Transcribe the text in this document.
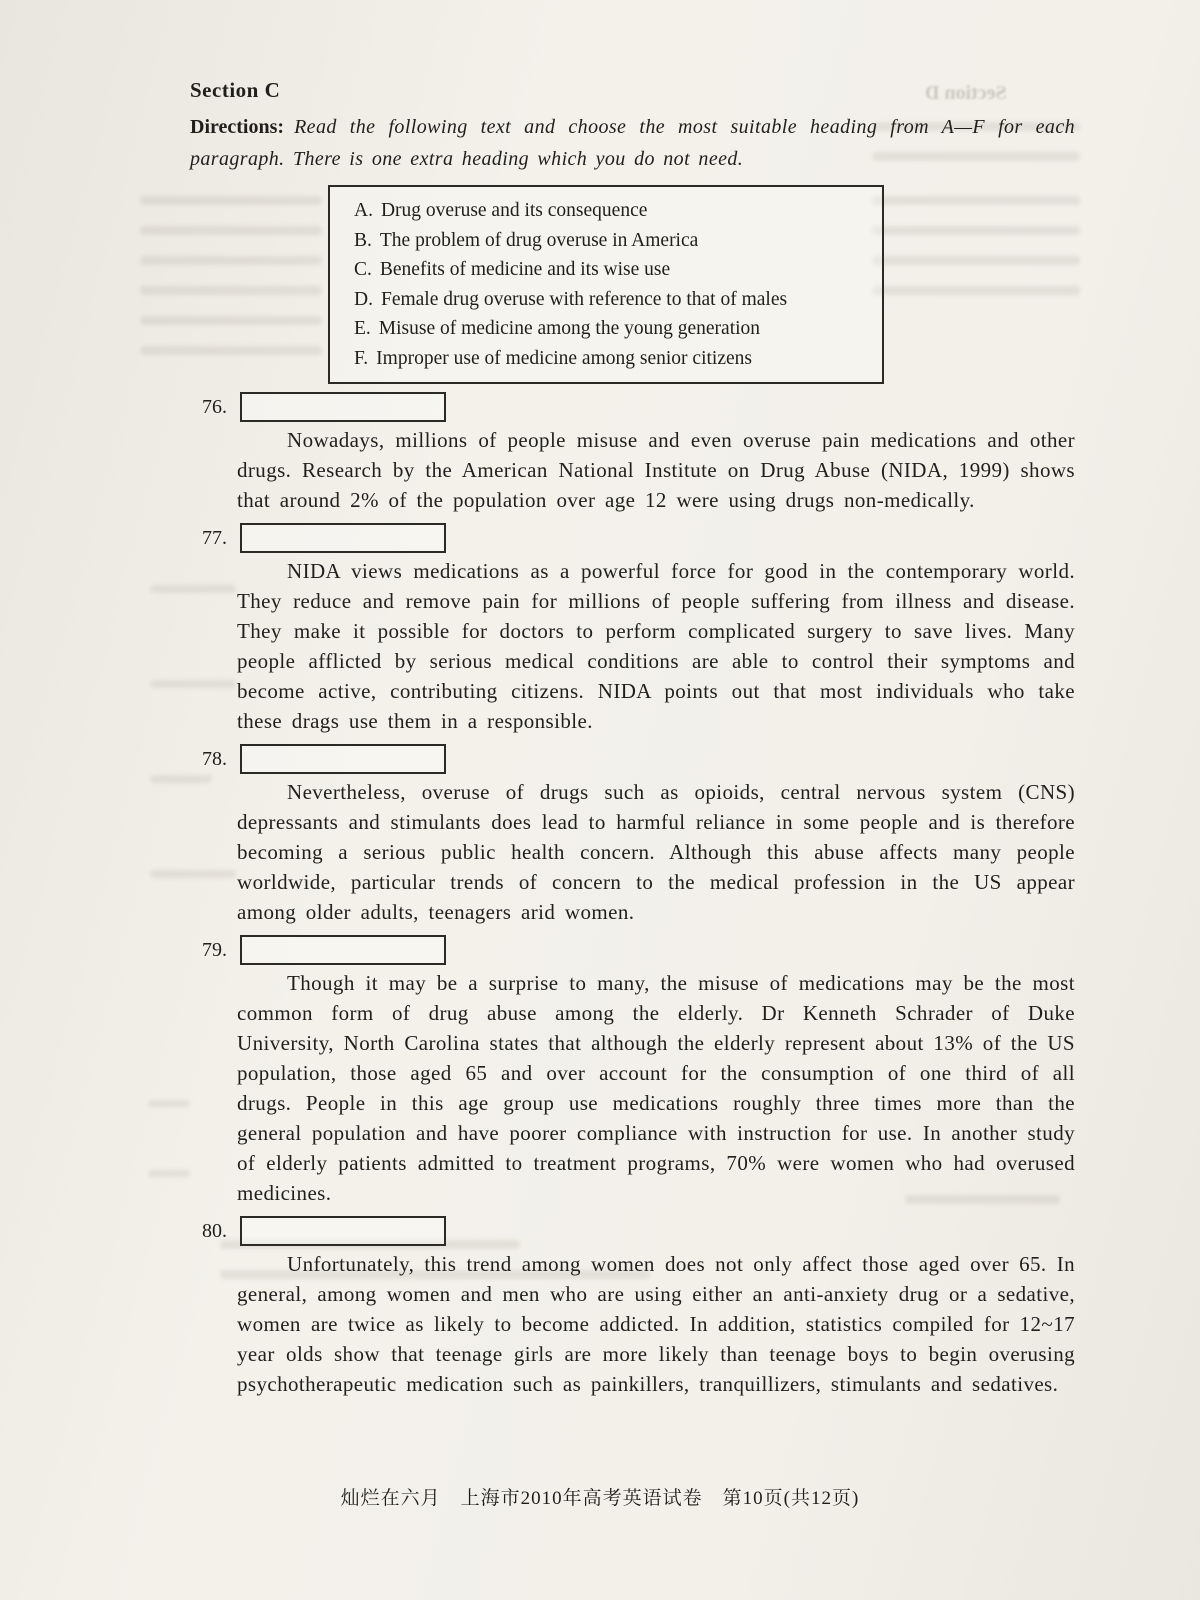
Section D
Section C

Directions: Read the following text and choose the most suitable heading from A—F for each paragraph. There is one extra heading which you do not need.

A. Drug overuse and its consequence
B. The problem of drug overuse in America
C. Benefits of medicine and its wise use
D. Female drug overuse with reference to that of males
E. Misuse of medicine among the young generation
F. Improper use of medicine among senior citizens
76.

Nowadays, millions of people misuse and even overuse pain medications and other drugs. Research by the American National Institute on Drug Abuse (NIDA, 1999) shows that around 2% of the population over age 12 were using drugs non-medically.

77.

NIDA views medications as a powerful force for good in the contemporary world. They reduce and remove pain for millions of people suffering from illness and disease. They make it possible for doctors to perform complicated surgery to save lives. Many people afflicted by serious medical conditions are able to control their symptoms and become active, contributing citizens. NIDA points out that most individuals who take these drags use them in a responsible.

78.

Nevertheless, overuse of drugs such as opioids, central nervous system (CNS) depressants and stimulants does lead to harmful reliance in some people and is therefore becoming a serious public health concern. Although this abuse affects many people worldwide, particular trends of concern to the medical profession in the US appear among older adults, teenagers arid women.

79.

Though it may be a surprise to many, the misuse of medications may be the most common form of drug abuse among the elderly. Dr Kenneth Schrader of Duke University, North Carolina states that although the elderly represent about 13% of the US population, those aged 65 and over account for the consumption of one third of all drugs. People in this age group use medications roughly three times more than the general population and have poorer compliance with instruction for use. In another study of elderly patients admitted to treatment programs, 70% were women who had overused medicines.

80.

Unfortunately, this trend among women does not only affect those aged over 65. In general, among women and men who are using either an anti-anxiety drug or a sedative, women are twice as likely to become addicted. In addition, statistics compiled for 12~17 year olds show that teenage girls are more likely than teenage boys to begin overusing psychotherapeutic medication such as painkillers, tranquillizers, stimulants and sedatives.

灿烂在六月　上海市2010年高考英语试卷　第10页(共12页)
